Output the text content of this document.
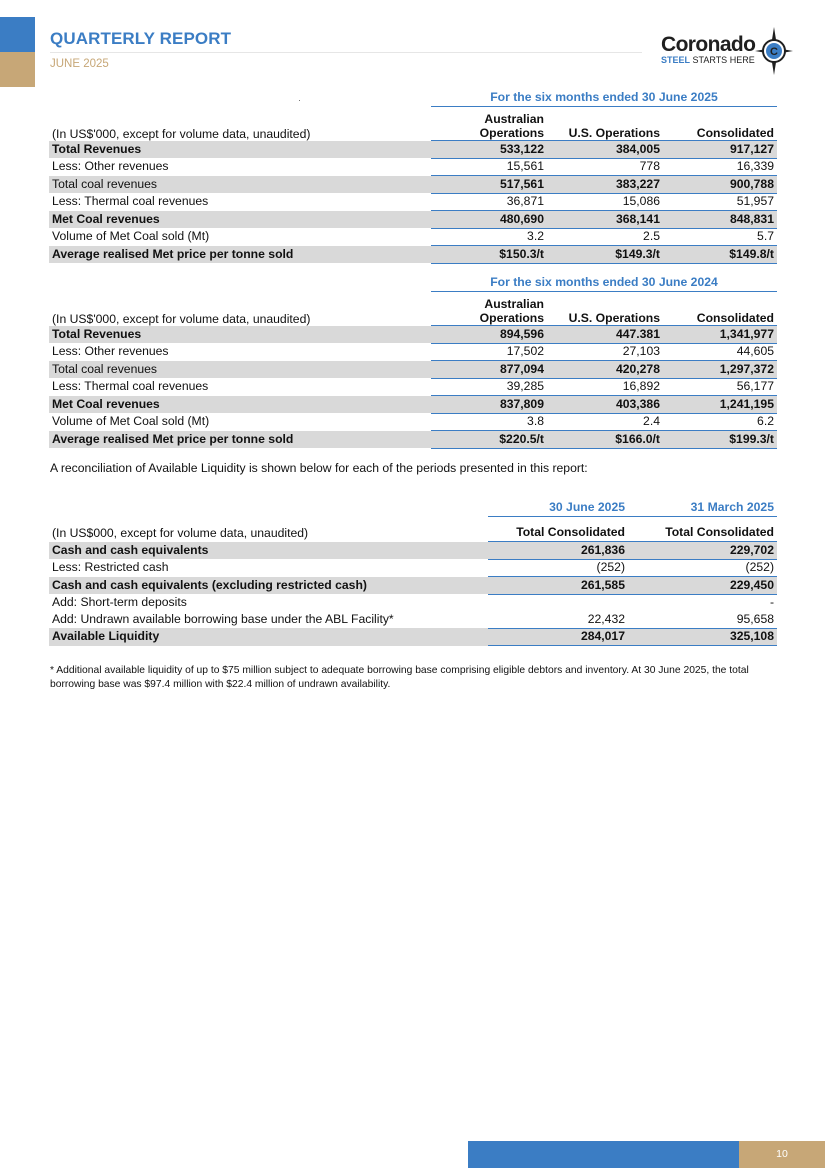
QUARTERLY REPORT
JUNE 2025
Coronado
STEEL STARTS HERE
C
	For the six months ended 30 June 2025		
(In US$'000, except for volume data, unaudited)	Australian Operations	U.S. Operations	Consolidated
Total Revenues	533,122	384,005	917,127
Less: Other revenues	15,561	778	16,339
Total coal revenues	517,561	383,227	900,788
Less: Thermal coal revenues	36,871	15,086	51,957
Met Coal revenues	480,690	368,141	848,831
Volume of Met Coal sold (Mt)	3.2	2.5	5.7
Average realised Met price per tonne sold	$150.3/t	$149.3/t	$149.8/t
	For the six months ended 30 June 2024		
(In US$'000, except for volume data, unaudited)	Australian Operations	U.S. Operations	Consolidated
Total Revenues	894,596	447.381	1,341,977
Less: Other revenues	17,502	27,103	44,605
Total coal revenues	877,094	420,278	1,297,372
Less: Thermal coal revenues	39,285	16,892	56,177
Met Coal revenues	837,809	403,386	1,241,195
Volume of Met Coal sold (Mt)	3.8	2.4	6.2
Average realised Met price per tonne sold	$220.5/t	$166.0/t	$199.3/t
A reconciliation of Available Liquidity is shown below for each of the periods presented in this report:
	30 June 2025	31 March 2025

(In US$000, except for volume data, unaudited)	Total Consolidated	Total Consolidated
Cash and cash equivalents	261,836	229,702
Less: Restricted cash	(252)	(252)
Cash and cash equivalents (excluding restricted cash)	261,585	229,450
Add: Short-term deposits		-
Add: Undrawn available borrowing base under the ABL Facility*	22,432	95,658
Available Liquidity	284,017	325,108
* Additional available liquidity of up to $75 million subject to adequate borrowing base comprising eligible debtors and inventory. At 30 June 2025, the total borrowing base was $97.4 million with $22.4 million of undrawn availability.
10
